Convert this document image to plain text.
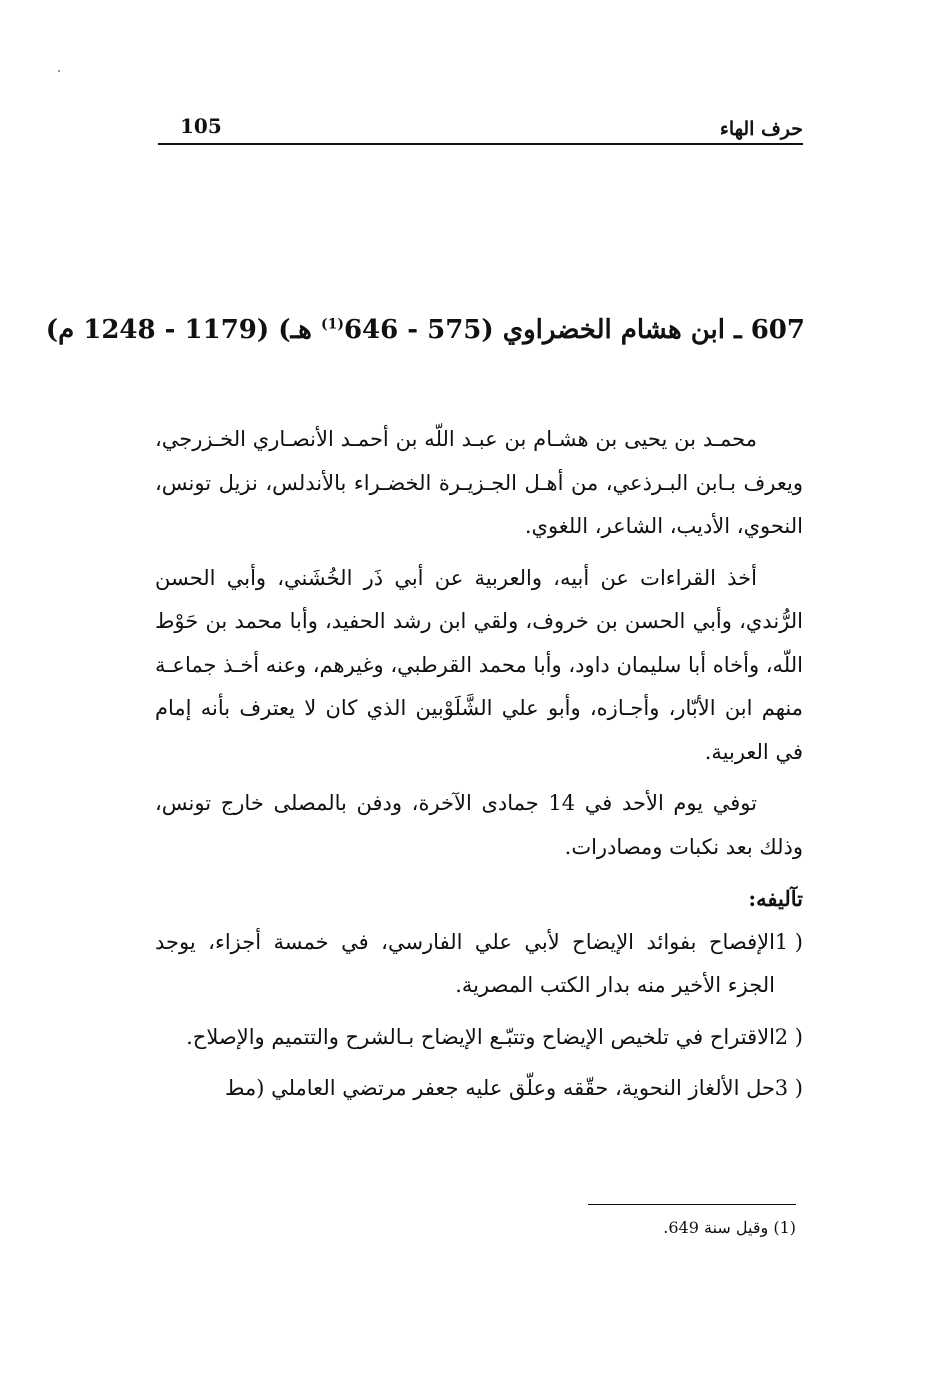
حرف الهاء
105
607 ـ ابن هشام الخضراوي (575 - 646$^{(1)}$ هـ) (1179 - 1248 م)

محمـد بن يحيى بن هشـام بن عبـد اللّه بن أحمـد الأنصـاري الخـزرجي، ويعرف بـابن البـرذعي، من أهـل الجـزيـرة الخضـراء بالأندلس، نزيل تونس، النحوي، الأديب، الشاعر، اللغوي.

أخذ القراءات عن أبيه، والعربية عن أبي ذَر الخُشَني، وأبي الحسن الرُّندي، وأبي الحسن بن خروف، ولقي ابن رشد الحفيد، وأبا محمد بن حَوْط اللّه، وأخاه أبا سليمان داود، وأبا محمد القرطبي، وغيرهم، وعنه أخـذ جماعـة منهم ابن الأبّار، وأجـازه، وأبو علي الشَّلَوْبين الذي كان لا يعترف بأنه إمام في العربية.

توفي يوم الأحد في 14 جمادى الآخرة، ودفن بالمصلى خارج تونس، وذلك بعد نكبات ومصادرات.

تآليفه:
1 )
الإفصاح بفوائد الإيضاح لأبي علي الفارسي، في خمسة أجزاء، يوجد الجزء الأخير منه بدار الكتب المصرية.
2 )
الاقتراح في تلخيص الإيضاح وتتبّـع الإيضاح بـالشرح والتتميم والإصلاح.
3 )
حل الألغاز النحوية، حقّقه وعلّق عليه جعفر مرتضي العاملي (مط
(1) وقيل سنة 649.
